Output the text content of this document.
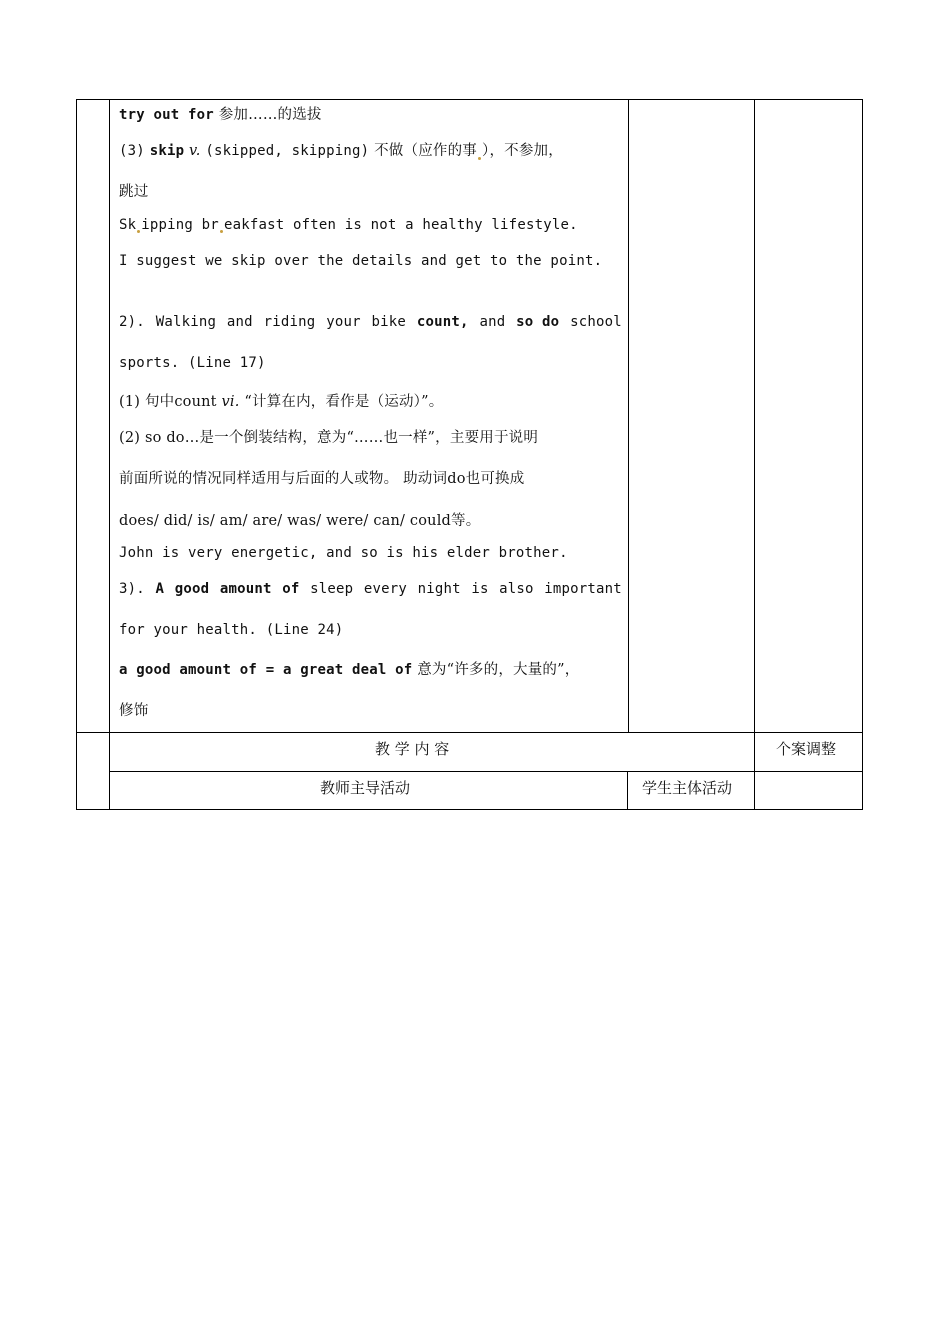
try out for 参加……的选拔
(3) skip v. (skipped, skipping) 不做（应作的事 ），不参加，
跳过
Sk ipping br eakfast often is not a healthy lifestyle.
I suggest we skip over the details and get to the point.
2). Walking and riding your bike count, and so do school
sports. (Line 17)
(1) 句中count vi. “计算在内，看作是（运动）”。
(2) so do…是一个倒装结构，意为“……也一样”，主要用于说明
前面所说的情况同样适用与后面的人或物。 助动词do也可换成
does/ did/ is/ am/ are/ was/ were/ can/ could等。
John is very energetic, and so is his elder brother.
3). A good amount of sleep every night is also important
for your health. (Line 24)
a good amount of = a great deal of 意为“许多的，大量的”，
修饰
教 学 内 容	个案调整
教师主导活动	学生主体活动
